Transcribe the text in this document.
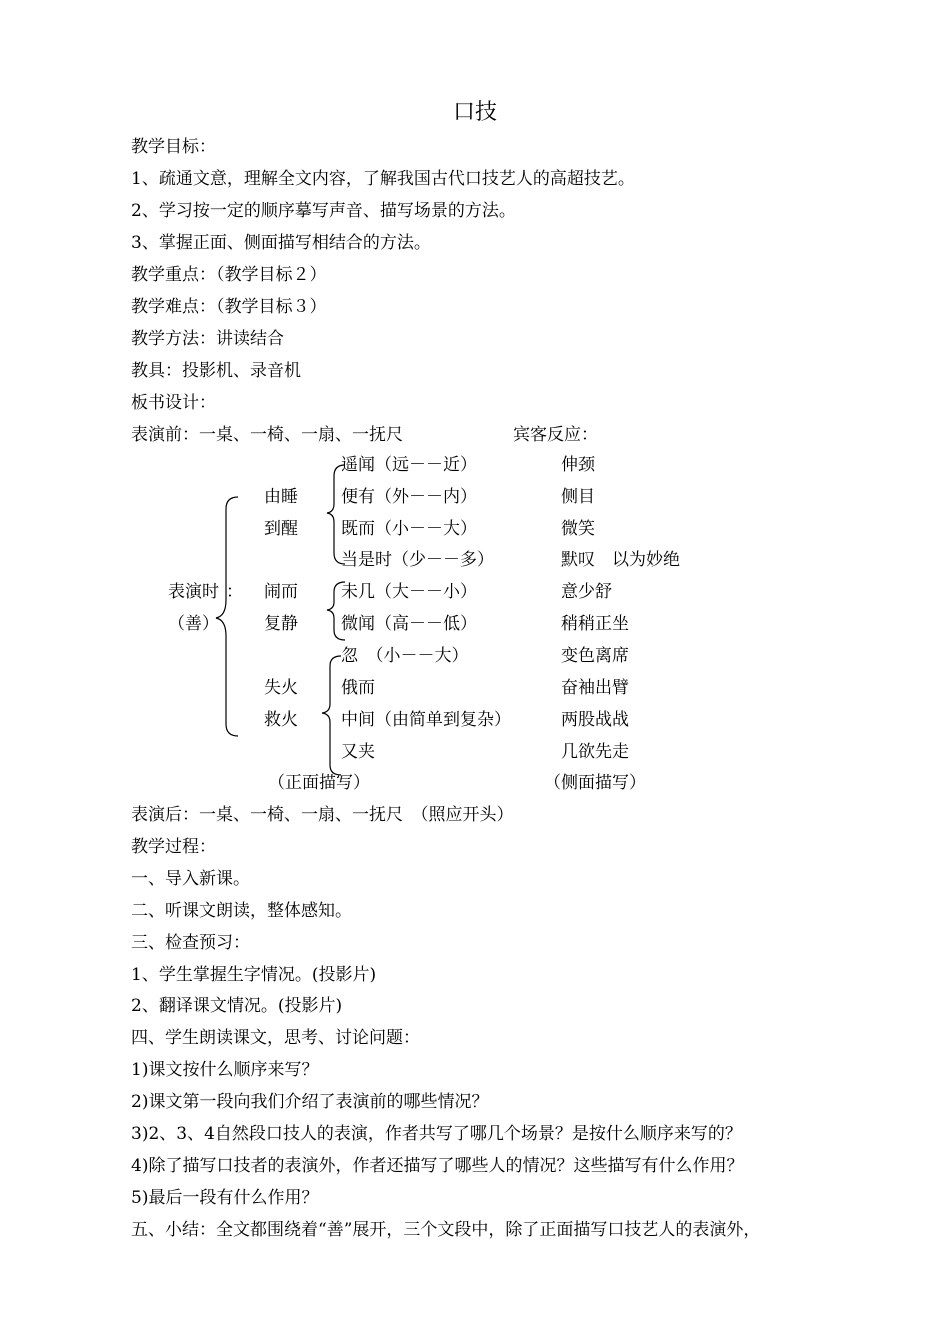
口技
教学目标：
1、疏通文意，理解全文内容，了解我国古代口技艺人的高超技艺。
2、学习按一定的顺序摹写声音、描写场景的方法。
3、掌握正面、侧面描写相结合的方法。
教学重点：（教学目标２）
教学难点：（教学目标３）
教学方法：讲读结合
教具：投影机、录音机
板书设计：
表演前：一桌、一椅、一扇、一抚尺	宾客反应：
表演时 ：
（善）
由睡
到醒
闹而
复静
失火
救火
遥闻（远－－近）
便有（外－－内）
既而（小－－大）
当是时（少－－多）
未几（大－－小）
微闻（高－－低）
忽　（小－－大）
俄而
中间（由简单到复杂）
又夹
伸颈
侧目
微笑
默叹　以为妙绝
意少舒
稍稍正坐
变色离席
奋袖出臂
两股战战
几欲先走
（正面描写）	（侧面描写）
表演后：一桌、一椅、一扇、一抚尺　（照应开头）
教学过程：
一、导入新课。
二、听课文朗读，整体感知。
三、检查预习：
1、学生掌握生字情况。(投影片)
2、翻译课文情况。(投影片)
四、学生朗读课文，思考、讨论问题：
1)课文按什么顺序来写？
2)课文第一段向我们介绍了表演前的哪些情况？
3)2、3、4自然段口技人的表演，作者共写了哪几个场景？是按什么顺序来写的？
4)除了描写口技者的表演外，作者还描写了哪些人的情况？这些描写有什么作用？
5)最后一段有什么作用？
五、小结：全文都围绕着“善”展开，三个文段中，除了正面描写口技艺人的表演外，
